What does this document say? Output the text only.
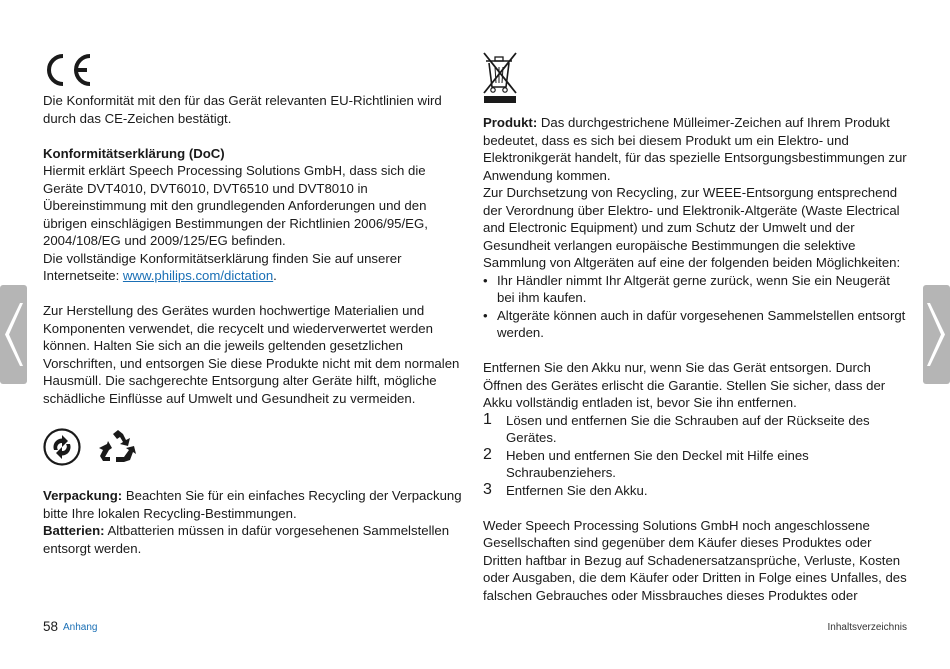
Die Konformität mit den für das Gerät relevanten EU-Richtlinien wird durch das CE-Zeichen bestätigt.

Konformitätserklärung (DoC)

Hiermit erklärt Speech Processing Solutions GmbH, dass sich die Geräte DVT4010, DVT6010, DVT6510 und DVT8010 in Übereinstimmung mit den grundlegenden Anforderungen und den übrigen einschlägigen Bestimmungen der Richtlinien 2006/95/EG, 2004/108/EG und 2009/125/EG befinden.

Die vollständige Konformitätserklärung finden Sie auf unserer Internetseite: www.philips.com/dictation.

Zur Herstellung des Gerätes wurden hochwertige Materialien und Komponenten verwendet, die recycelt und wiederverwertet werden können. Halten Sie sich an die jeweils geltenden gesetzlichen Vorschriften, und entsorgen Sie diese Produkte nicht mit dem normalen Hausmüll. Die sachgerechte Entsorgung alter Geräte hilft, mögliche schädliche Einflüsse auf Umwelt und Gesundheit zu vermeiden.

Verpackung: Beachten Sie für ein einfaches Recycling der Verpackung bitte Ihre lokalen Recycling-Bestimmungen.

Batterien: Altbatterien müssen in dafür vorgesehenen Sammelstellen entsorgt werden.

Produkt: Das durchgestrichene Mülleimer-Zeichen auf Ihrem Produkt bedeutet, dass es sich bei diesem Produkt um ein Elektro- und Elektronikgerät handelt, für das spezielle Entsorgungsbestimmungen zur Anwendung kommen.

Zur Durchsetzung von Recycling, zur WEEE-Entsorgung entsprechend der Verordnung über Elektro- und Elektronik-Altgeräte (Waste Electrical and Electronic Equipment) und zum Schutz der Umwelt und der Gesundheit verlangen europäische Bestimmungen die selektive Sammlung von Altgeräten auf eine der folgenden beiden Möglichkeiten:

• Ihr Händler nimmt Ihr Altgerät gerne zurück, wenn Sie ein Neugerät bei ihm kaufen.
• Altgeräte können auch in dafür vorgesehenen Sammelstellen entsorgt werden.

Entfernen Sie den Akku nur, wenn Sie das Gerät entsorgen. Durch Öffnen des Gerätes erlischt die Garantie. Stellen Sie sicher, dass der Akku vollständig entladen ist, bevor Sie ihn entfernen.

1 Lösen und entfernen Sie die Schrauben auf der Rückseite des Gerätes.
2 Heben und entfernen Sie den Deckel mit Hilfe eines Schraubenziehers.
3 Entfernen Sie den Akku.

Weder Speech Processing Solutions GmbH noch angeschlossene Gesellschaften sind gegenüber dem Käufer dieses Produktes oder Dritten haftbar in Bezug auf Schadenersatzansprüche, Verluste, Kosten oder Ausgaben, die dem Käufer oder Dritten in Folge eines Unfalles, des falschen Gebrauches oder Missbrauches dieses Produktes oder

58 Anhang	Inhaltsverzeichnis
